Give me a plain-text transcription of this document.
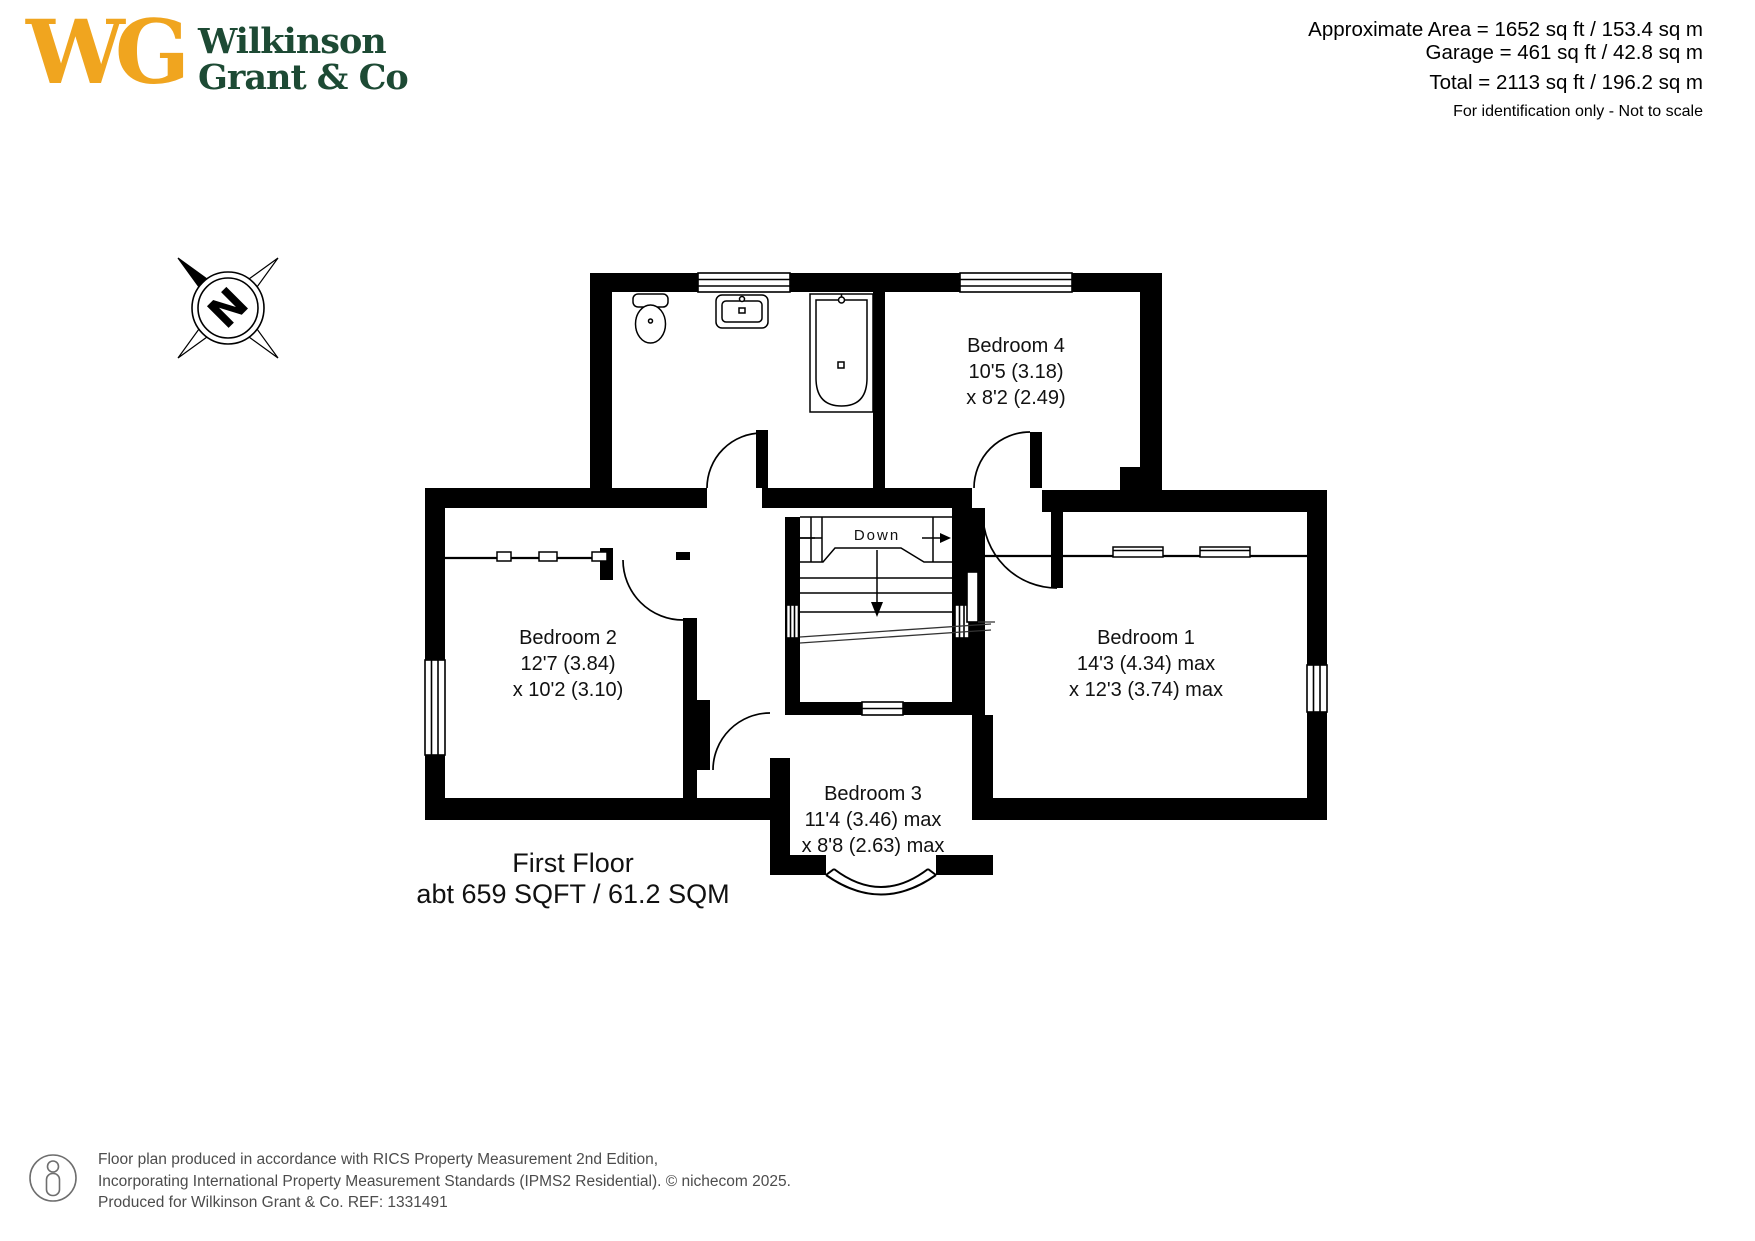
WG Wilkinson
Grant & Co
Approximate Area = 1652 sq ft / 153.4 sq m
Garage = 461 sq ft / 42.8 sq m
Total = 2113 sq ft / 196.2 sq m
For identification only - Not to scale
Bedroom 4
10'5 (3.18)
x 8'2 (2.49)
Bedroom 2
12'7 (3.84)
x 10'2 (3.10)
Bedroom 1
14'3 (4.34) max
x 12'3 (3.74) max
Bedroom 3
11'4 (3.46) max
x 8'8 (2.63) max
Down
First Floor
abt 659 SQFT / 61.2 SQM
N
Floor plan produced in accordance with RICS Property Measurement 2nd Edition,
Incorporating International Property Measurement Standards (IPMS2 Residential). © nichecom 2025.
Produced for Wilkinson Grant & Co. REF: 1331491
